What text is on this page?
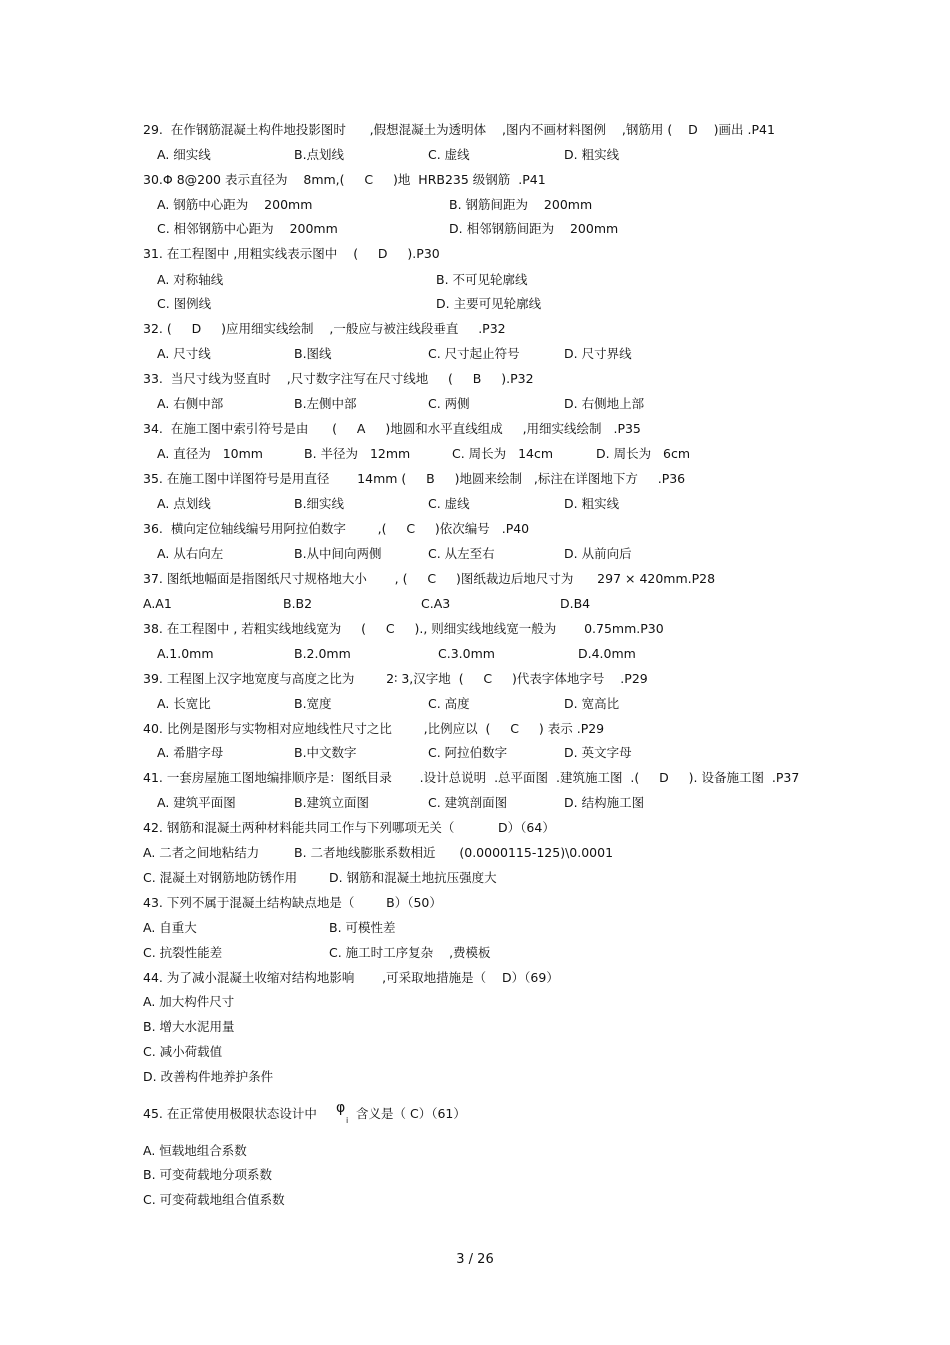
29.  在作钢筋混凝土构件地投影图时      ,假想混凝土为透明体    ,图内不画材料图例    ,钢筋用 (    D    )画出 .P41
A. 细实线	B.点划线	C. 虚线	D. 粗实线
30.Φ 8@200 表示直径为    8mm,(     C     )地  HRB235 级钢筋  .P41
A. 钢筋中心距为    200mm	B. 钢筋间距为    200mm
C. 相邻钢筋中心距为    200mm	D. 相邻钢筋间距为    200mm
31. 在工程图中 ,用粗实线表示图中    (     D     ).P30
A. 对称轴线	B. 不可见轮廓线
C. 图例线	D. 主要可见轮廓线
32. (     D     )应用细实线绘制    ,一般应与被注线段垂直     .P32
A. 尺寸线	B.图线	C. 尺寸起止符号	D. 尺寸界线
33.  当尺寸线为竖直时    ,尺寸数字注写在尺寸线地     (     B     ).P32
A. 右侧中部	B.左侧中部	C. 两侧	D. 右侧地上部
34.  在施工图中索引符号是由      (     A     )地圆和水平直线组成     ,用细实线绘制   .P35
A. 直径为   10mm	B. 半径为   12mm	C. 周长为   14cm	D. 周长为   6cm
35. 在施工图中详图符号是用直径       14mm (     B     )地圆来绘制   ,标注在详图地下方     .P36
A. 点划线	B.细实线	C. 虚线	D. 粗实线
36.  横向定位轴线编号用阿拉伯数字        ,(     C     )依次编号   .P40
A. 从右向左	B.从中间向两侧	C. 从左至右	D. 从前向后
37. 图纸地幅面是指图纸尺寸规格地大小       , (     C     )图纸裁边后地尺寸为      297 × 420mm.P28
A.A1	B.B2	C.A3	D.B4
38. 在工程图中 , 若粗实线地线宽为     (     C     )., 则细实线地线宽一般为       0.75mm.P30
A.1.0mm	B.2.0mm	C.3.0mm	D.4.0mm
39. 工程图上汉字地宽度与高度之比为        2∶ 3,汉字地  (     C     )代表字体地字号    .P29
A. 长宽比	B.宽度	C. 高度	D. 宽高比
40. 比例是图形与实物相对应地线性尺寸之比        ,比例应以  (     C     ) 表示 .P29
A. 希腊字母	B.中文数字	C. 阿拉伯数字	D. 英文字母
41. 一套房屋施工图地编排顺序是：图纸目录       .设计总说明  .总平面图  .建筑施工图  .(     D     ). 设备施工图  .P37
A. 建筑平面图	B.建筑立面图	C. 建筑剖面图	D. 结构施工图
42. 钢筋和混凝土两种材料能共同工作与下列哪项无关（           D）（64）
A. 二者之间地粘结力	B. 二者地线膨胀系数相近      (0.0000115-125)\0.0001
C. 混凝土对钢筋地防锈作用	D. 钢筋和混凝土地抗压强度大
43. 下列不属于混凝土结构缺点地是（        B）（50）
A. 自重大	B. 可模性差
C. 抗裂性能差	C. 施工时工序复杂    ,费模板
44. 为了减小混凝土收缩对结构地影响       ,可采取地措施是（    D）（69）
A. 加大构件尺寸
B. 增大水泥用量
C. 减小荷载值
D. 改善构件地养护条件
45. 在正常使用极限状态设计中 φ
i 含义是（ C）（61）
A. 恒载地组合系数
B. 可变荷载地分项系数
C. 可变荷载地组合值系数
3 / 26
